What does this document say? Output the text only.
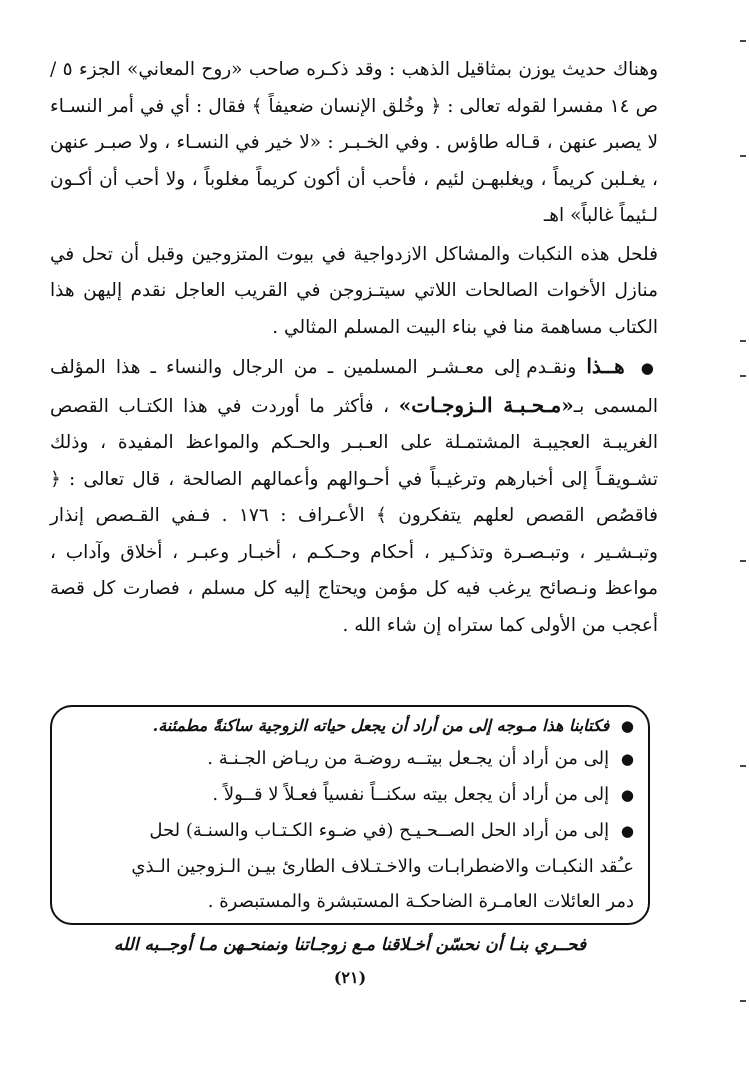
وهناك حديث يوزن بمثاقيل الذهب : وقد ذكـره صاحب «روح المعاني» الجزء ٥ / ص ١٤ مفسرا لقوله تعالى : ﴿ وخُلق الإنسان ضعيفاً ﴾ فقال : أي في أمر النسـاء لا يصبر عنهن ، قـاله طاؤس . وفي الخـبـر : «لا خير في النسـاء ، ولا صبـر عنهن ، يغـلبن كريماً ، ويغلبهـن لئيم ، فأحب أن أكون كريماً مغلوباً ، ولا أحب أن أكـون لـئيماً غالباً» اهـ

فلحل هذه النكبات والمشاكل الازدواجية في بيوت المتزوجين وقبل أن تحل في منازل الأخوات الصالحات اللاتي سيتـزوجن في القريب العاجل نقدم إليهن هذا الكتاب مساهمة منا في بناء البيت المسلم المثالي .

● هــذا ونقـدم إلى معـشـر المسلمين ـ من الرجال والنساء ـ هذا المؤلف المسمى بـ«مـحـبـة الـزوجـات» ، فأكثر ما أوردت في هذا الكتـاب القصص الغريبـة العجيبـة المشتمـلة على العـبـر والحـكم والمواعظ المفيدة ، وذلك تشـويقـاً إلى أخبارهم وترغيـباً في أحـوالهم وأعمالهم الصالحة ، قال تعالى : ﴿ فاقصُص القصص لعلهم يتفكرون ﴾ الأعـراف : ١٧٦ . فـفي القـصص إنذار وتبـشـير ، وتبـصـرة وتذكـير ، أحكام وحـكـم ، أخبـار وعبـر ، أخلاق وآداب ، مواعظ ونـصائح يرغب فيه كل مؤمن ويحتاج إليه كل مسلم ، فصارت كل قصة أعجب من الأولى كما ستراه إن شاء الله .

● فكتابنا هذا مـوجه إلى من أراد أن يجعل حياته الزوجية ساكنةً مطمئنة.
● إلى من أراد أن يجـعل بيتــه روضـة من ريـاض الجـنـة .
● إلى من أراد أن يجعل بيته سكنــاً نفسياً فعـلاً لا قــولاً .
● إلى من أراد الحل الصــحـيـح (في ضـوء الكـتـاب والسنـة) لحل
عـُقد النكبـات والاضطرابـات والاخـتـلاف الطارئ بيـن الـزوجين الـذي
دمر العائلات العامـرة الضاحكـة المستبشرة والمستبصرة .
فحــري بنـا أن نحسّن أخـلاقنا مـع زوجـاتنا ونمنحـهن مـا أوجــبه الله
(٢١)
